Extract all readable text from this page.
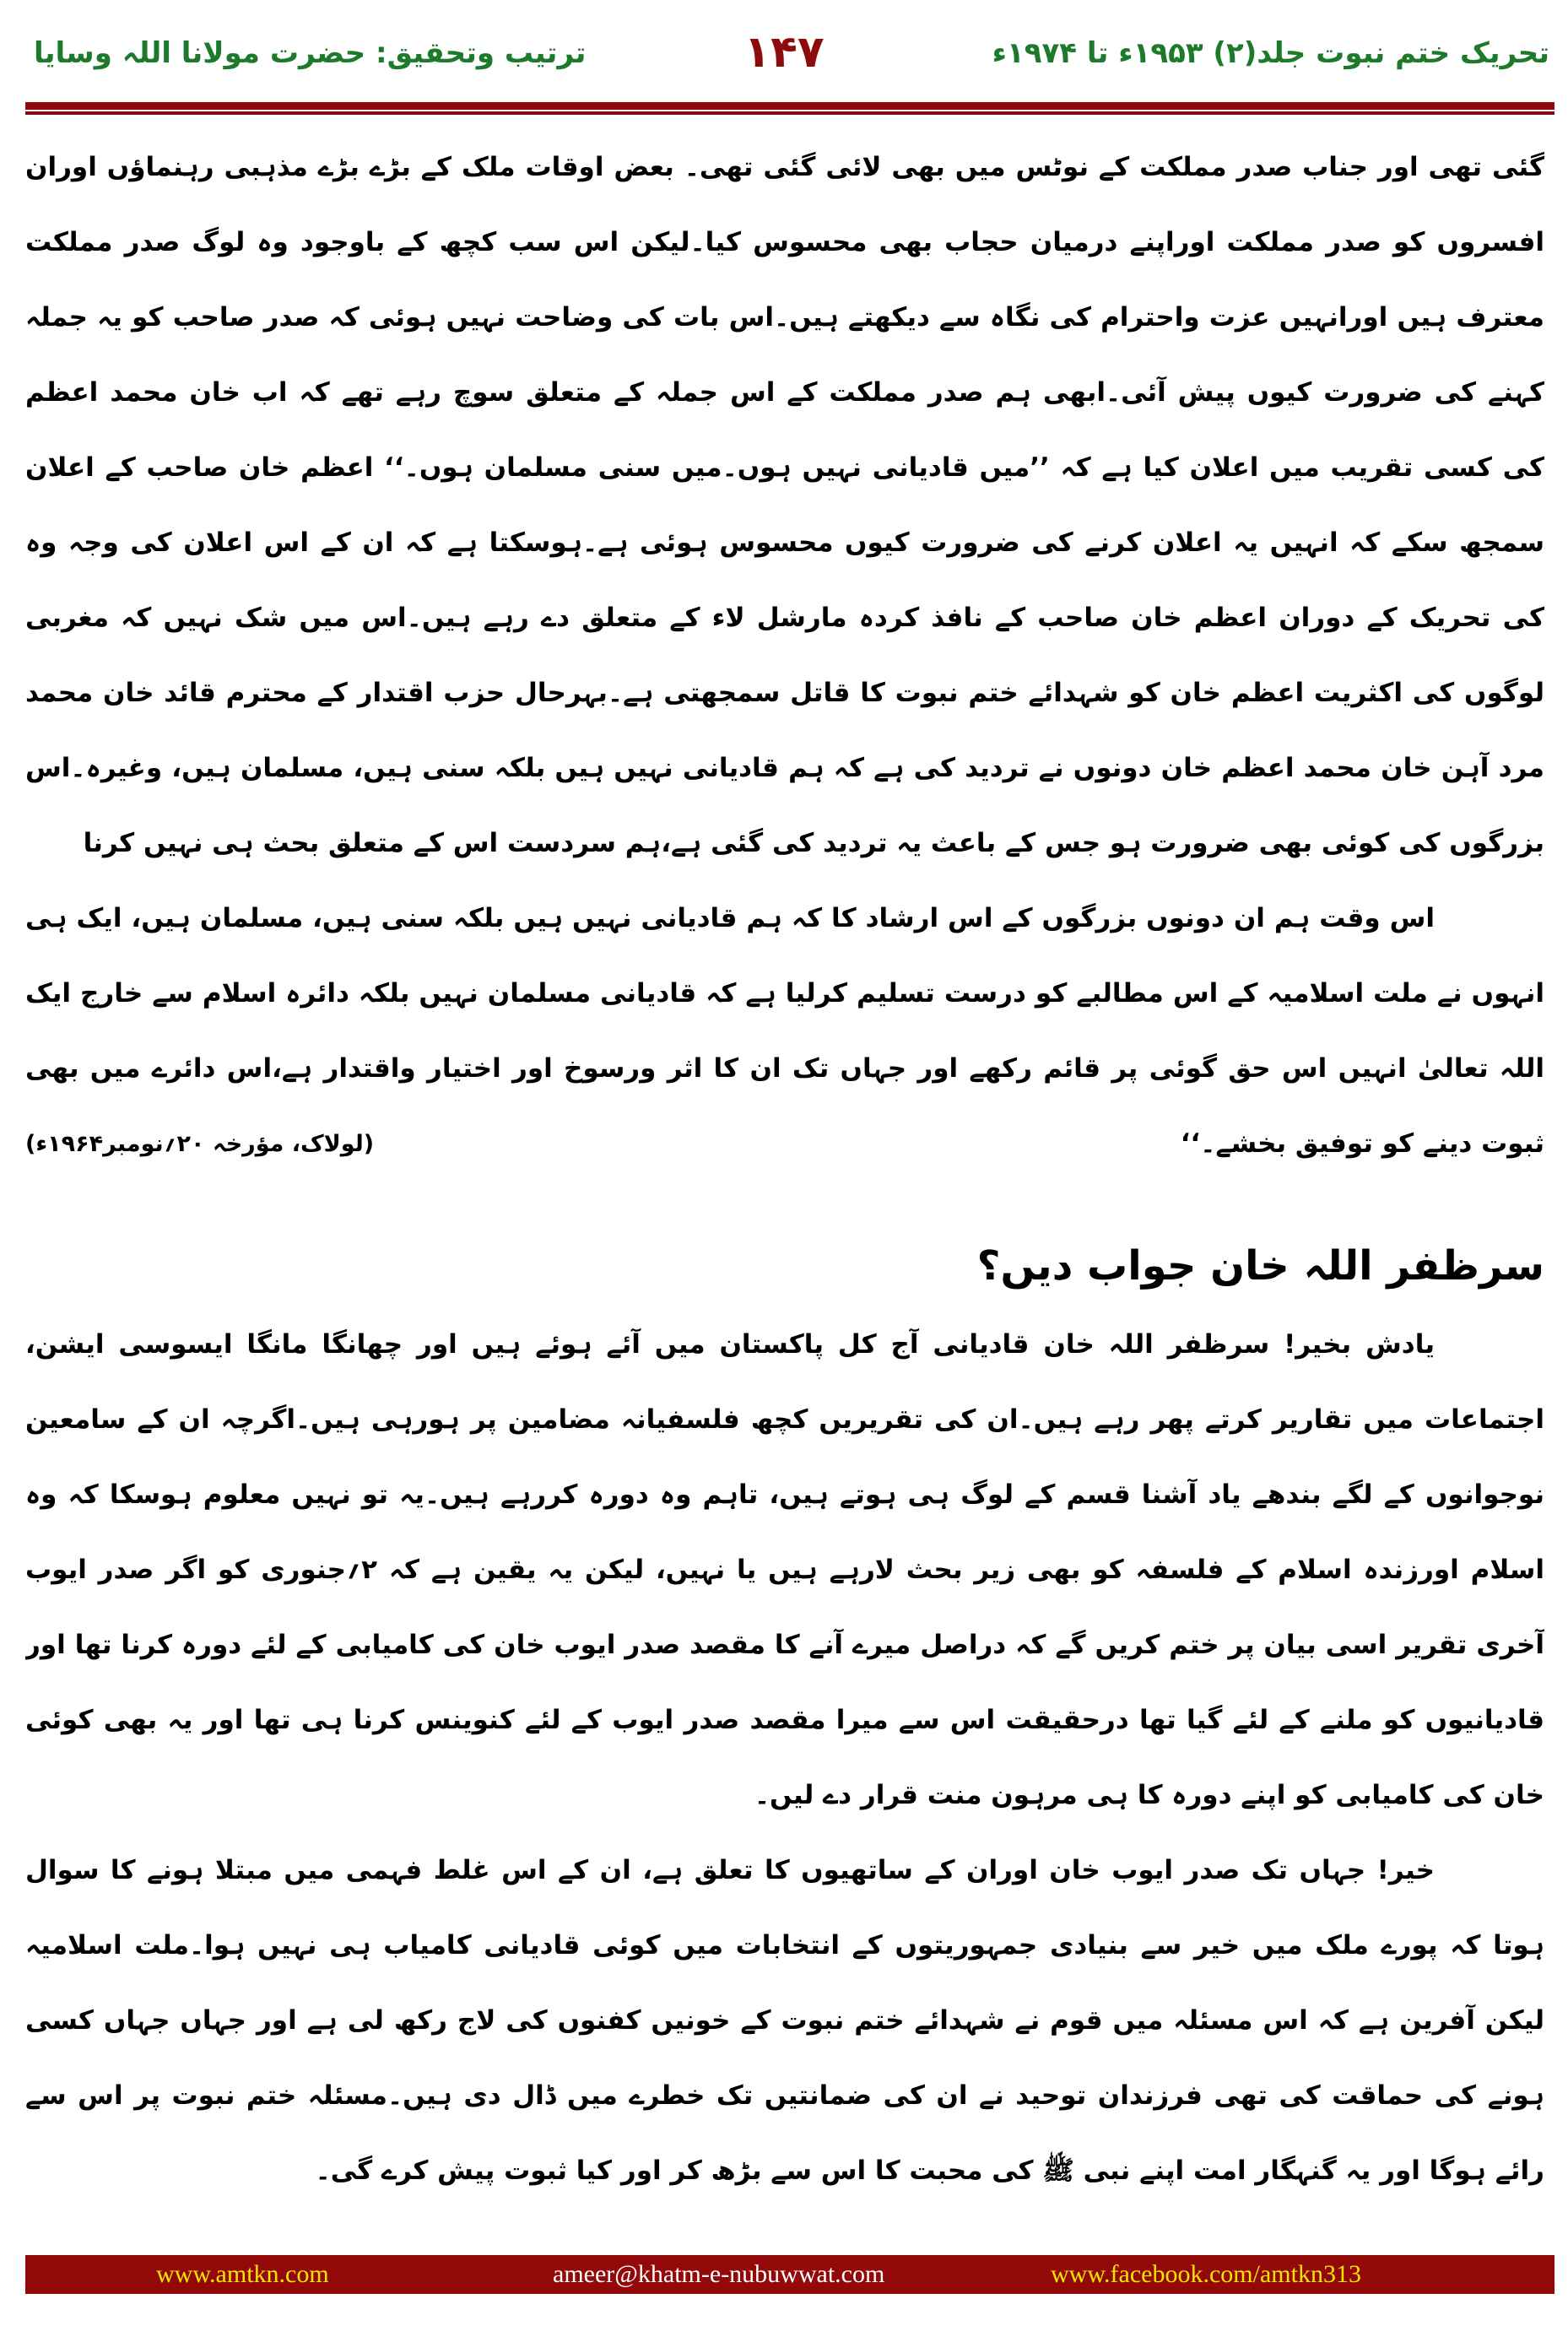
تحریک ختم نبوت جلد(۲) ۱۹۵۳ء تا ۱۹۷۴ء
۱۴۷
ترتیب وتحقیق: حضرت مولانا اللہ وسایا
گئی تھی اور جناب صدر مملکت کے نوٹس میں بھی لائی گئی تھی۔ بعض اوقات ملک کے بڑے بڑے مذہبی رہنماؤں اوران
افسروں کو صدر مملکت اوراپنے درمیان حجاب بھی محسوس کیا۔لیکن اس سب کچھ کے باوجود وہ لوگ صدر مملکت
معترف ہیں اورانہیں عزت واحترام کی نگاہ سے دیکھتے ہیں۔اس بات کی وضاحت نہیں ہوئی کہ صدر صاحب کو یہ جملہ
کہنے کی ضرورت کیوں پیش آئی۔ابھی ہم صدر مملکت کے اس جملہ کے متعلق سوچ رہے تھے کہ اب خان محمد اعظم
کی کسی تقریب میں اعلان کیا ہے کہ ’’میں قادیانی نہیں ہوں۔میں سنی مسلمان ہوں۔‘‘ اعظم خان صاحب کے اعلان
سمجھ سکے کہ انہیں یہ اعلان کرنے کی ضرورت کیوں محسوس ہوئی ہے۔ہوسکتا ہے کہ ان کے اس اعلان کی وجہ وہ
کی تحریک کے دوران اعظم خان صاحب کے نافذ کردہ مارشل لاء کے متعلق دے رہے ہیں۔اس میں شک نہیں کہ مغربی
لوگوں کی اکثریت اعظم خان کو شہدائے ختم نبوت کا قاتل سمجھتی ہے۔بہرحال حزب اقتدار کے محترم قائد خان محمد
مرد آہن خان محمد اعظم خان دونوں نے تردید کی ہے کہ ہم قادیانی نہیں ہیں بلکہ سنی ہیں، مسلمان ہیں، وغیرہ۔اس
بزرگوں کی کوئی بھی ضرورت ہو جس کے باعث یہ تردید کی گئی ہے،ہم سردست اس کے متعلق بحث ہی نہیں کرنا
اس وقت ہم ان دونوں بزرگوں کے اس ارشاد کا کہ ہم قادیانی نہیں ہیں بلکہ سنی ہیں، مسلمان ہیں، ایک ہی
انہوں نے ملت اسلامیہ کے اس مطالبے کو درست تسلیم کرلیا ہے کہ قادیانی مسلمان نہیں بلکہ دائرہ اسلام سے خارج ایک
اللہ تعالیٰ انہیں اس حق گوئی پر قائم رکھے اور جہاں تک ان کا اثر ورسوخ اور اختیار واقتدار ہے،اس دائرے میں بھی
ثبوت دینے کو توفیق بخشے۔‘‘
(لولاک، مؤرخہ ۲۰؍نومبر۱۹۶۴ء)
سرظفر اللہ خان جواب دیں؟
یادش بخیر! سرظفر اللہ خان قادیانی آج کل پاکستان میں آئے ہوئے ہیں اور چھانگا مانگا ایسوسی ایشن،
اجتماعات میں تقاریر کرتے پھر رہے ہیں۔ان کی تقریریں کچھ فلسفیانہ مضامین پر ہورہی ہیں۔اگرچہ ان کے سامعین
نوجوانوں کے لگے بندھے یاد آشنا قسم کے لوگ ہی ہوتے ہیں، تاہم وہ دورہ کررہے ہیں۔یہ تو نہیں معلوم ہوسکا کہ وہ
اسلام اورزندہ اسلام کے فلسفہ کو بھی زیر بحث لارہے ہیں یا نہیں، لیکن یہ یقین ہے کہ ۲؍جنوری کو اگر صدر ایوب
آخری تقریر اسی بیان پر ختم کریں گے کہ دراصل میرے آنے کا مقصد صدر ایوب خان کی کامیابی کے لئے دورہ کرنا تھا اور
قادیانیوں کو ملنے کے لئے گیا تھا درحقیقت اس سے میرا مقصد صدر ایوب کے لئے کنوینس کرنا ہی تھا اور یہ بھی کوئی
خان کی کامیابی کو اپنے دورہ کا ہی مرہون منت قرار دے لیں۔
خیر! جہاں تک صدر ایوب خان اوران کے ساتھیوں کا تعلق ہے، ان کے اس غلط فہمی میں مبتلا ہونے کا سوال
ہوتا کہ پورے ملک میں خیر سے بنیادی جمہوریتوں کے انتخابات میں کوئی قادیانی کامیاب ہی نہیں ہوا۔ملت اسلامیہ
لیکن آفرین ہے کہ اس مسئلہ میں قوم نے شہدائے ختم نبوت کے خونیں کفنوں کی لاج رکھ لی ہے اور جہاں جہاں کسی
ہونے کی حماقت کی تھی فرزندان توحید نے ان کی ضمانتیں تک خطرے میں ڈال دی ہیں۔مسئلہ ختم نبوت پر اس سے
رائے ہوگا اور یہ گنہگار امت اپنے نبی ﷺ کی محبت کا اس سے بڑھ کر اور کیا ثبوت پیش کرے گی۔
www.amtkn.com	ameer@khatm-e-nubuwwat.com	www.facebook.com/amtkn313
